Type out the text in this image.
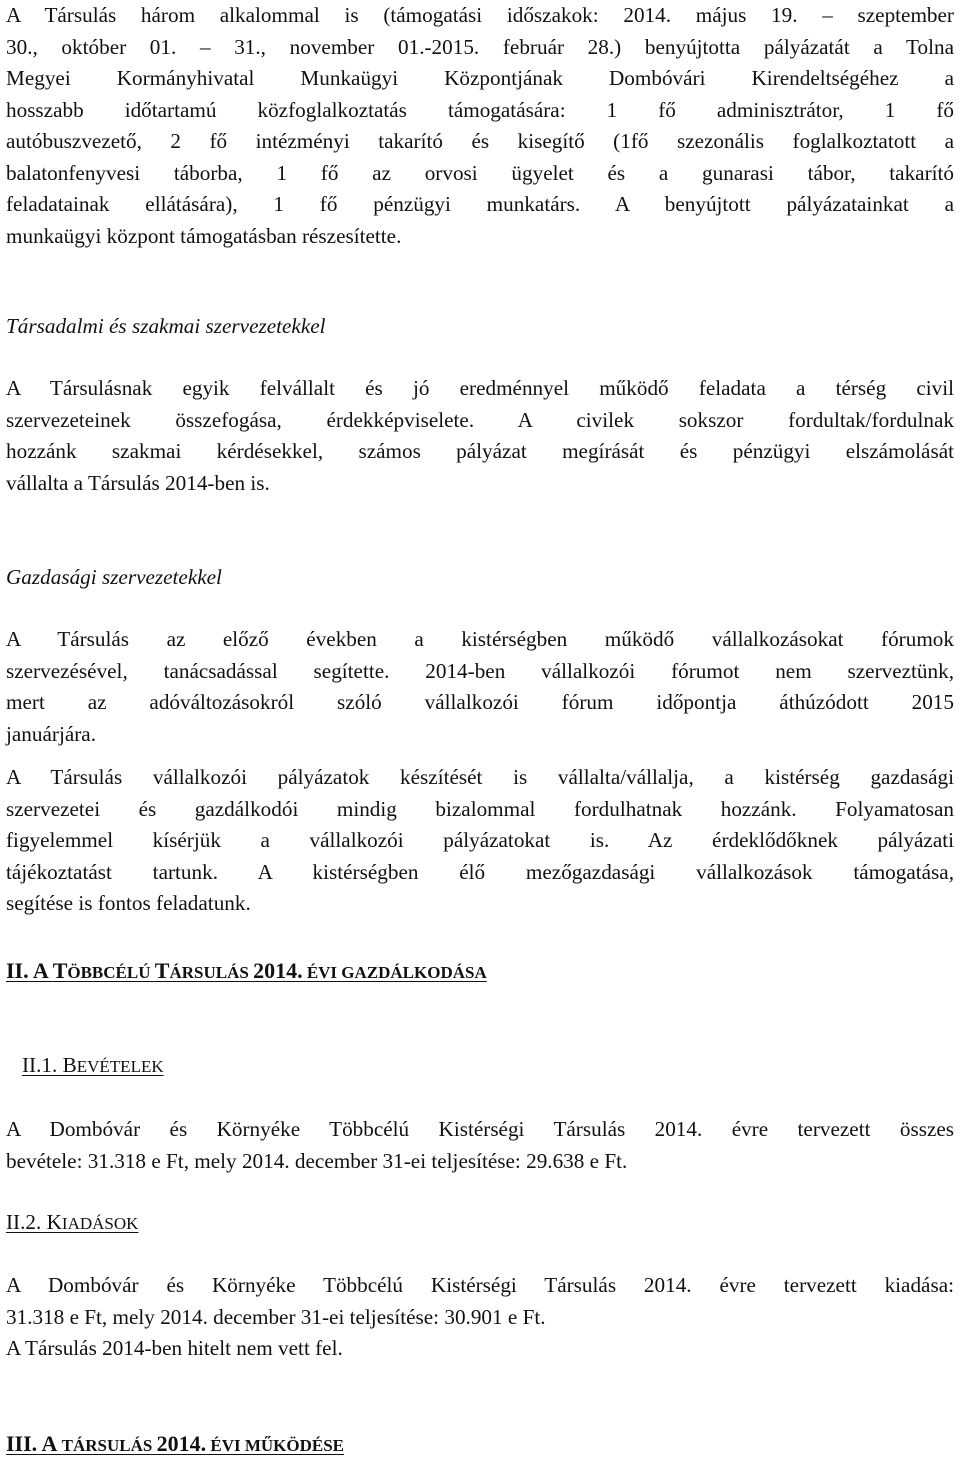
A Társulás három alkalommal is (támogatási időszakok: 2014. május 19. – szeptember
30., október 01. – 31., november 01.-2015. február 28.) benyújtotta pályázatát a Tolna
Megyei Kormányhivatal Munkaügyi Központjának Dombóvári Kirendeltségéhez a
hosszabb időtartamú közfoglalkoztatás támogatására: 1 fő adminisztrátor, 1 fő
autóbuszvezető, 2 fő intézményi takarító és kisegítő (1fő szezonális foglalkoztatott a
balatonfenyvesi táborba, 1 fő az orvosi ügyelet és a gunarasi tábor, takarító
feladatainak ellátására), 1 fő pénzügyi munkatárs. A benyújtott pályázatainkat a
munkaügyi központ támogatásban részesítette.
Társadalmi és szakmai szervezetekkel
A Társulásnak egyik felvállalt és jó eredménnyel működő feladata a térség civil
szervezeteinek összefogása, érdekképviselete. A civilek sokszor fordultak/fordulnak
hozzánk szakmai kérdésekkel, számos pályázat megírását és pénzügyi elszámolását
vállalta a Társulás 2014-ben is.
Gazdasági szervezetekkel
A Társulás az előző években a kistérségben működő vállalkozásokat fórumok
szervezésével, tanácsadással segítette. 2014-ben vállalkozói fórumot nem szerveztünk,
mert az adóváltozásokról szóló vállalkozói fórum időpontja áthúzódott 2015
januárjára.
A Társulás vállalkozói pályázatok készítését is vállalta/vállalja, a kistérség gazdasági
szervezetei és gazdálkodói mindig bizalommal fordulhatnak hozzánk. Folyamatosan
figyelemmel kísérjük a vállalkozói pályázatokat is. Az érdeklődőknek pályázati
tájékoztatást tartunk. A kistérségben élő mezőgazdasági vállalkozások támogatása,
segítése is fontos feladatunk.
II. A TÖBBCÉLÚ TÁRSULÁS 2014. ÉVI GAZDÁLKODÁSA
II.1. BEVÉTELEK
A Dombóvár és Környéke Többcélú Kistérségi Társulás 2014. évre tervezett összes
bevétele: 31.318 e Ft, mely 2014. december 31-ei teljesítése: 29.638 e Ft.
II.2. KIADÁSOK
A Dombóvár és Környéke Többcélú Kistérségi Társulás 2014. évre tervezett kiadása:
31.318 e Ft, mely 2014. december 31-ei teljesítése: 30.901 e Ft.
A Társulás 2014-ben hitelt nem vett fel.
III. A TÁRSULÁS 2014. ÉVI MŰKÖDÉSE
